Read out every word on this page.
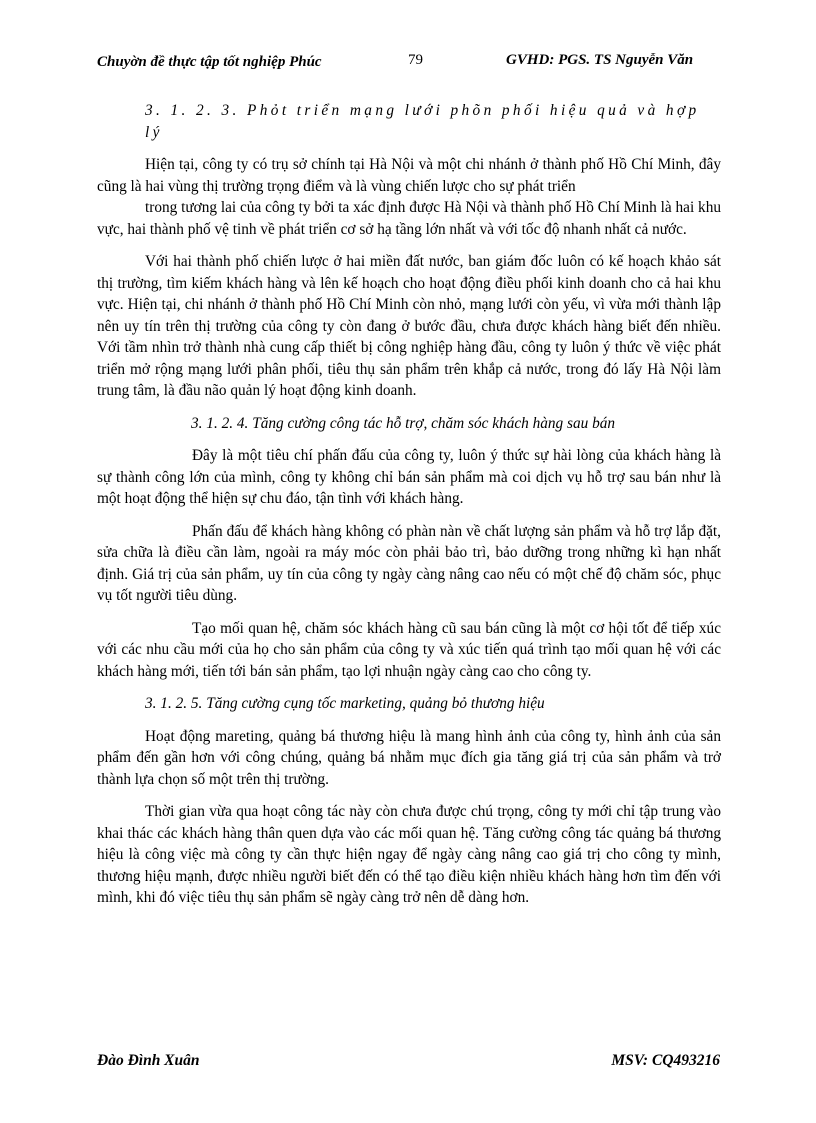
Chuyờn đề thực tập tốt nghiệp Phúc	79	GVHD: PGS. TS Nguyễn Văn

3. 1. 2. 3. Phỏt triển mạng lưới phõn phối hiệu quả và hợp lý

Hiện tại, công ty có trụ sở chính tại Hà Nội và một chi nhánh ở thành phố Hồ Chí Minh, đây cũng là hai vùng thị trường trọng điểm và là vùng chiến lược cho sự phát triển

trong tương lai của công ty bởi ta xác định được Hà Nội và thành phố Hồ Chí Minh là hai khu vực, hai thành phố vệ tinh về phát triển cơ sở hạ tầng lớn nhất và với tốc độ nhanh nhất cả nước.

Với hai thành phố chiến lược ở hai miền đất nước, ban giám đốc luôn có kế hoạch khảo sát thị trường, tìm kiếm khách hàng và lên kế hoạch cho hoạt động điều phối kinh doanh cho cả hai khu vực. Hiện tại, chi nhánh ở thành phố Hồ Chí Minh còn nhỏ, mạng lưới còn yếu, vì vừa mới thành lập nên uy tín trên thị trường của công ty còn đang ở bước đầu, chưa được khách hàng biết đến nhiều. Với tầm nhìn trở thành nhà cung cấp thiết bị công nghiệp hàng đầu, công ty luôn ý thức về việc phát triển mở rộng mạng lưới phân phối, tiêu thụ sản phẩm trên khắp cả nước, trong đó lấy Hà Nội làm trung tâm, là đầu não quản lý hoạt động kinh doanh.

3. 1. 2. 4. Tăng cường công tác hỗ trợ, chăm sóc khách hàng sau bán

Đây là một tiêu chí phấn đấu của công ty, luôn ý thức sự hài lòng của khách hàng là sự thành công lớn của mình, công ty không chỉ bán sản phẩm mà coi dịch vụ hỗ trợ sau bán như là một hoạt động thể hiện sự chu đáo, tận tình với khách hàng.

Phấn đấu để khách hàng không có phàn nàn về chất lượng sản phẩm và hỗ trợ lắp đặt, sửa chữa là điều cần làm, ngoài ra máy móc còn phải bảo trì, bảo dưỡng trong những kì hạn nhất định. Giá trị của sản phẩm, uy tín của công ty ngày càng nâng cao nếu có một chế độ chăm sóc, phục vụ tốt người tiêu dùng.

Tạo mối quan hệ, chăm sóc khách hàng cũ sau bán cũng là một cơ hội tốt để tiếp xúc với các nhu cầu mới của họ cho sản phẩm của công ty và xúc tiến quá trình tạo mối quan hệ với các khách hàng mới, tiến tới bán sản phẩm, tạo lợi nhuận ngày càng cao cho công ty.

3. 1. 2. 5. Tăng cường cụng tốc marketing, quảng bỏ thương hiệu

Hoạt động mareting, quảng bá thương hiệu là mang hình ảnh của công ty, hình ảnh của sản phẩm đến gần hơn với công chúng, quảng bá nhằm mục đích gia tăng giá trị của sản phẩm và trở thành lựa chọn số một trên thị trường.

Thời gian vừa qua hoạt công tác này còn chưa được chú trọng, công ty mới chỉ tập trung vào khai thác các khách hàng thân quen dựa vào các mối quan hệ. Tăng cường công tác quảng bá thương hiệu là công việc mà công ty cần thực hiện ngay để ngày càng nâng cao giá trị cho công ty mình, thương hiệu mạnh, được nhiều người biết đến có thể tạo điều kiện nhiều khách hàng hơn tìm đến với mình, khi đó việc tiêu thụ sản phẩm sẽ ngày càng trở nên dễ dàng hơn.

Đào Đình Xuân	MSV: CQ493216
